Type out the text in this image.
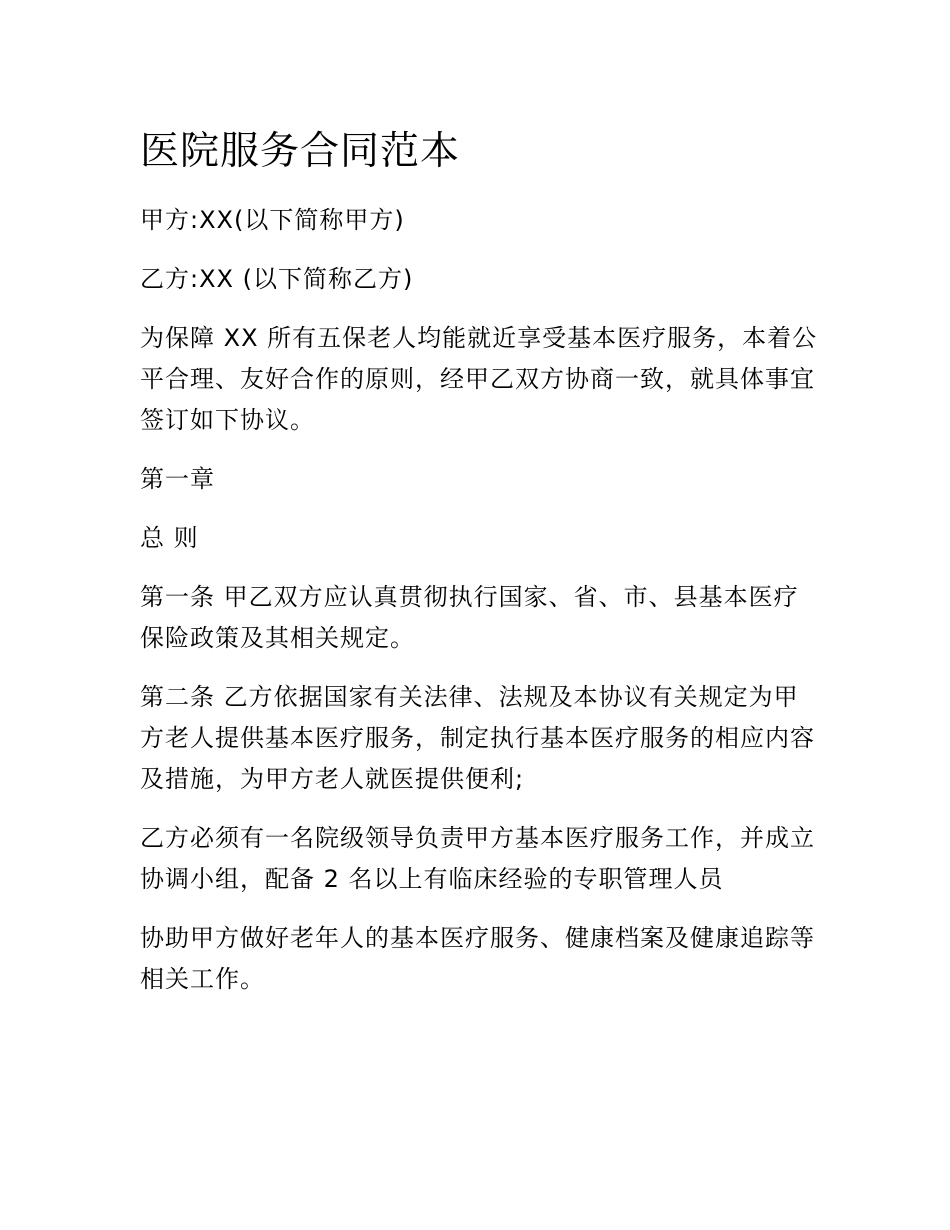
医院服务合同范本

甲方:XX(以下简称甲方)

乙方:XX (以下简称乙方)

为保障 XX 所有五保老人均能就近享受基本医疗服务，本着公平合理、友好合作的原则，经甲乙双方协商一致，就具体事宜签订如下协议。

第一章

总 则

第一条 甲乙双方应认真贯彻执行国家、省、市、县基本医疗保险政策及其相关规定。

第二条 乙方依据国家有关法律、法规及本协议有关规定为甲方老人提供基本医疗服务，制定执行基本医疗服务的相应内容及措施，为甲方老人就医提供便利;

乙方必须有一名院级领导负责甲方基本医疗服务工作，并成立协调小组，配备 2 名以上有临床经验的专职管理人员

协助甲方做好老年人的基本医疗服务、健康档案及健康追踪等相关工作。
